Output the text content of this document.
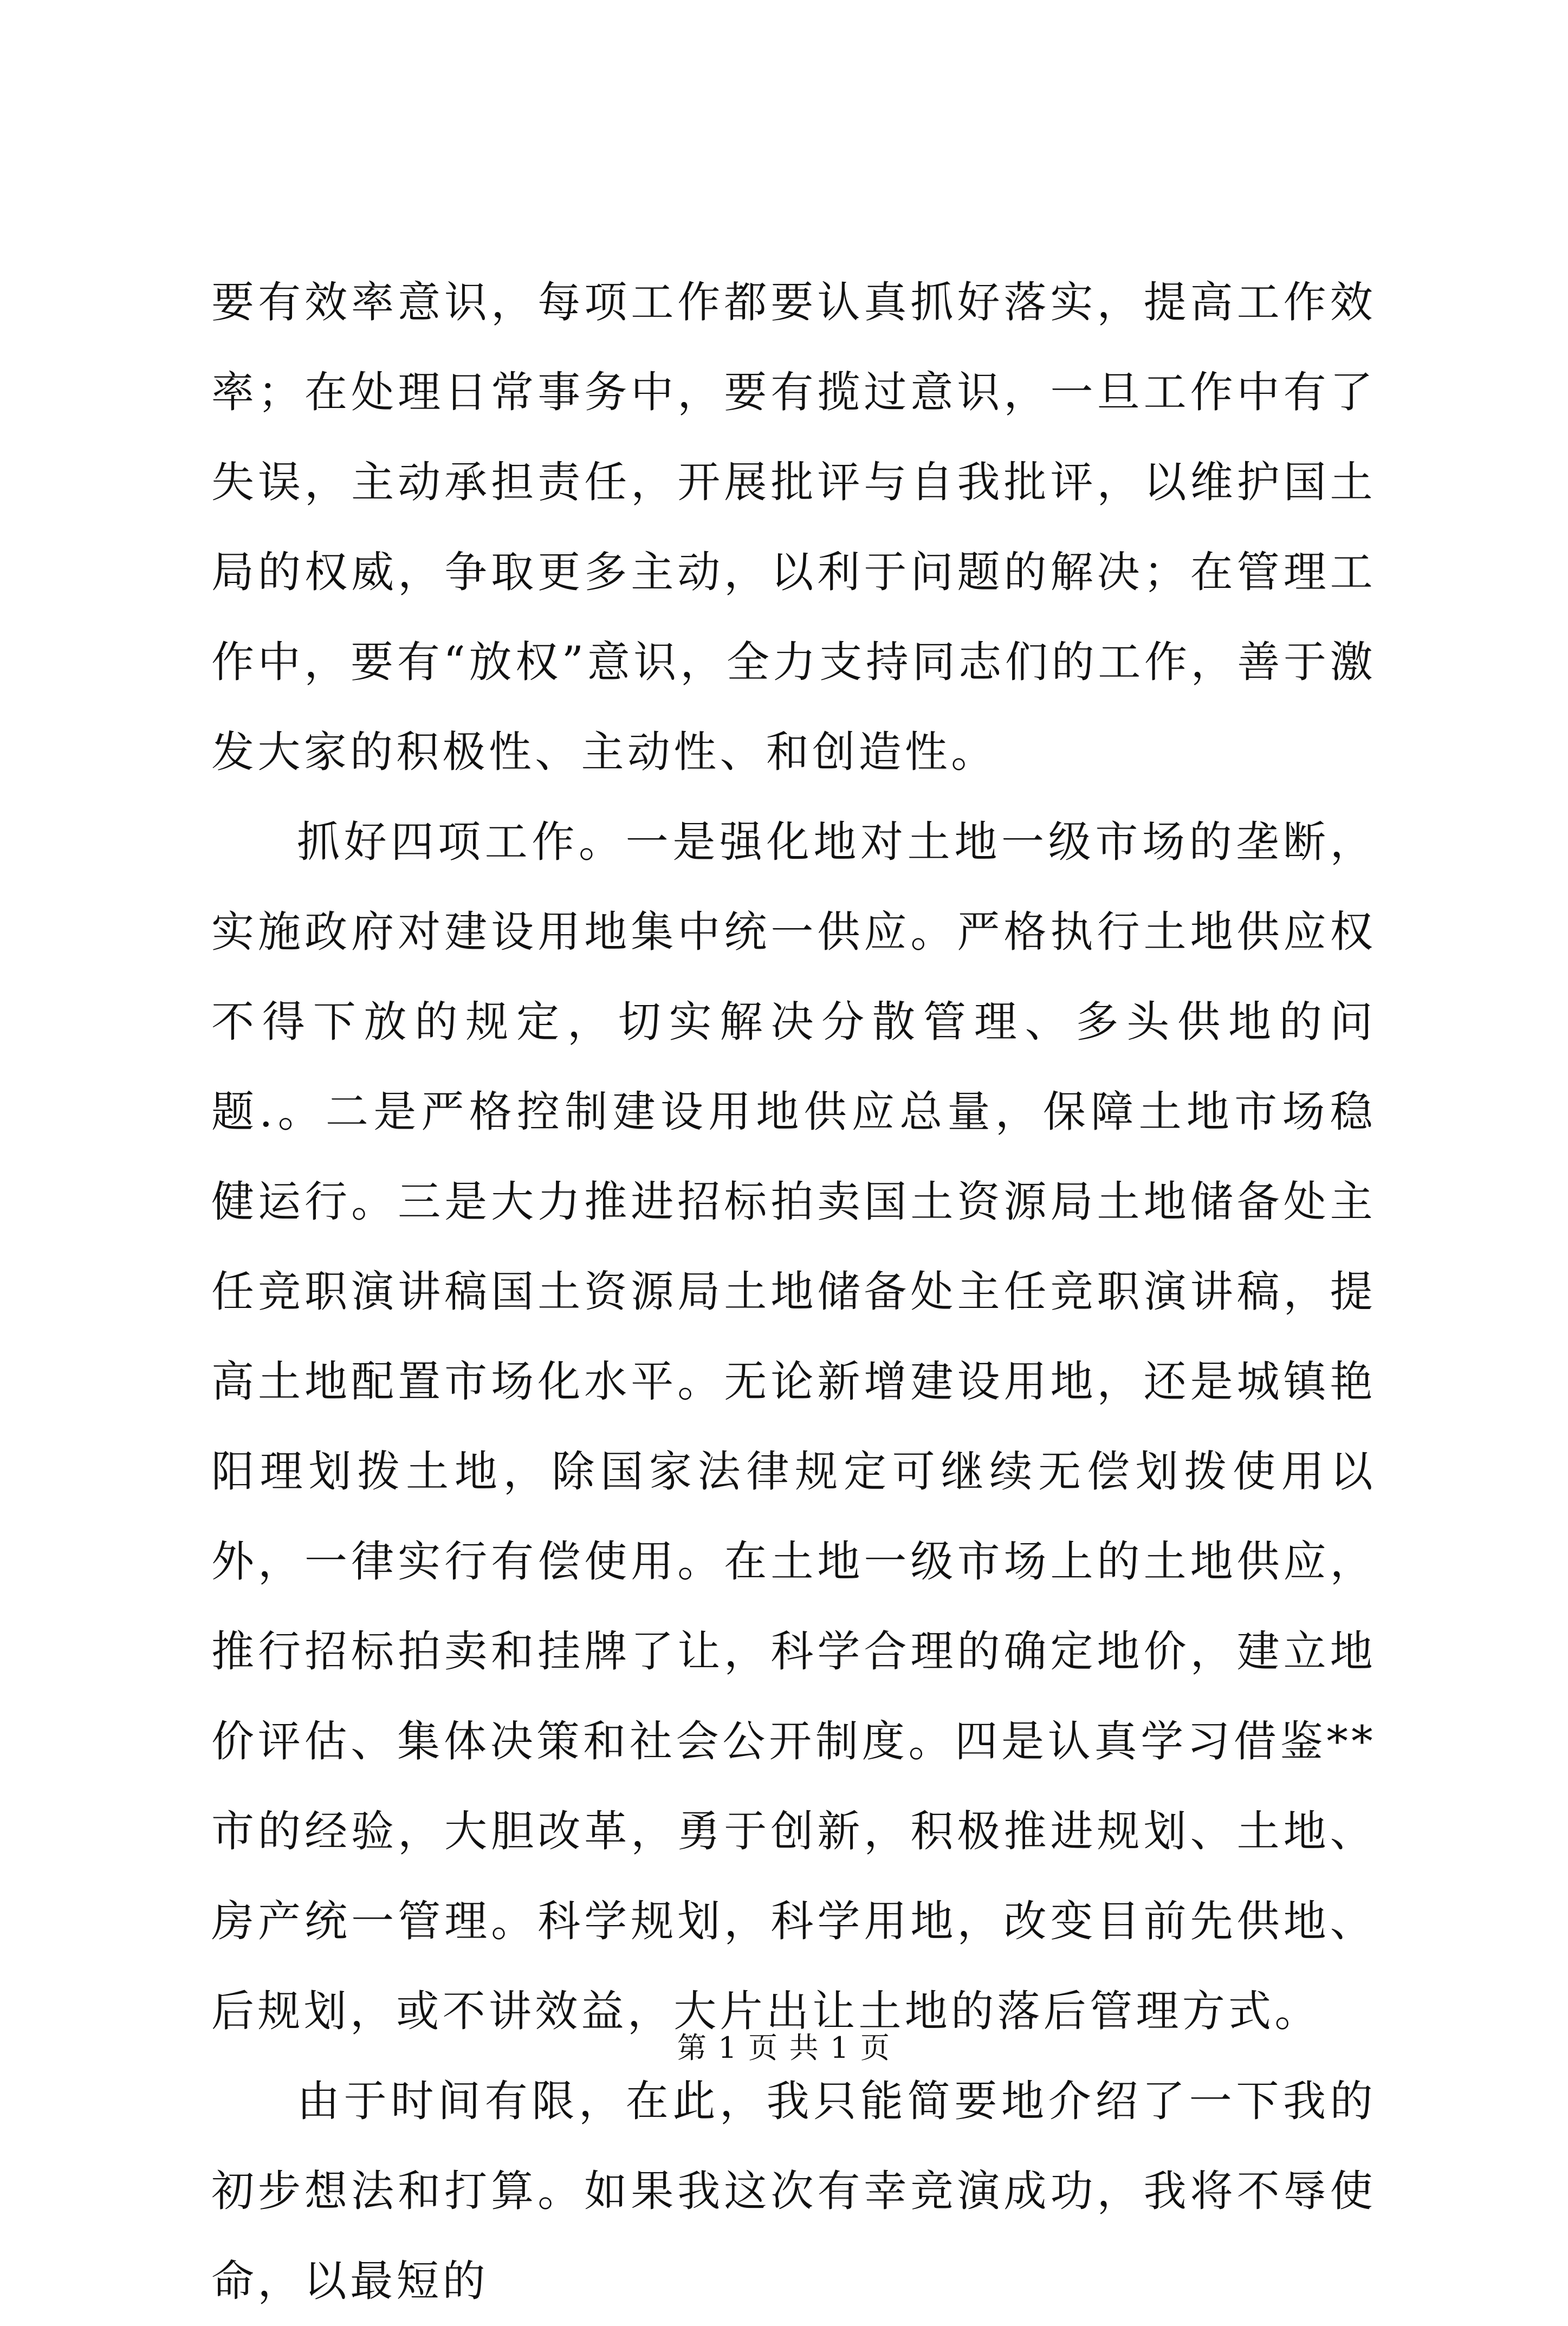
要有效率意识，每项工作都要认真抓好落实，提高工作效率；在处理日常事务中，要有揽过意识，一旦工作中有了失误，主动承担责任，开展批评与自我批评，以维护国土局的权威，争取更多主动，以利于问题的解决；在管理工作中，要有“放权”意识，全力支持同志们的工作，善于激发大家的积极性、主动性、和创造性。

抓好四项工作。一是强化地对土地一级市场的垄断，实施政府对建设用地集中统一供应。严格执行土地供应权不得下放的规定，切实解决分散管理、多头供地的问题.。二是严格控制建设用地供应总量，保障土地市场稳健运行。三是大力推进招标拍卖国土资源局土地储备处主任竞职演讲稿国土资源局土地储备处主任竞职演讲稿，提高土地配置市场化水平。无论新增建设用地，还是城镇艳阳理划拨土地，除国家法律规定可继续无偿划拨使用以外，一律实行有偿使用。在土地一级市场上的土地供应，推行招标拍卖和挂牌了让，科学合理的确定地价，建立地价评估、集体决策和社会公开制度。四是认真学习借鉴**市的经验，大胆改革，勇于创新，积极推进规划、土地、房产统一管理。科学规划，科学用地，改变目前先供地、后规划，或不讲效益，大片出让土地的落后管理方式。

由于时间有限，在此，我只能简要地介绍了一下我的初步想法和打算。如果我这次有幸竞演成功，我将不辱使命，以最短的

第 1 页 共 1 页
